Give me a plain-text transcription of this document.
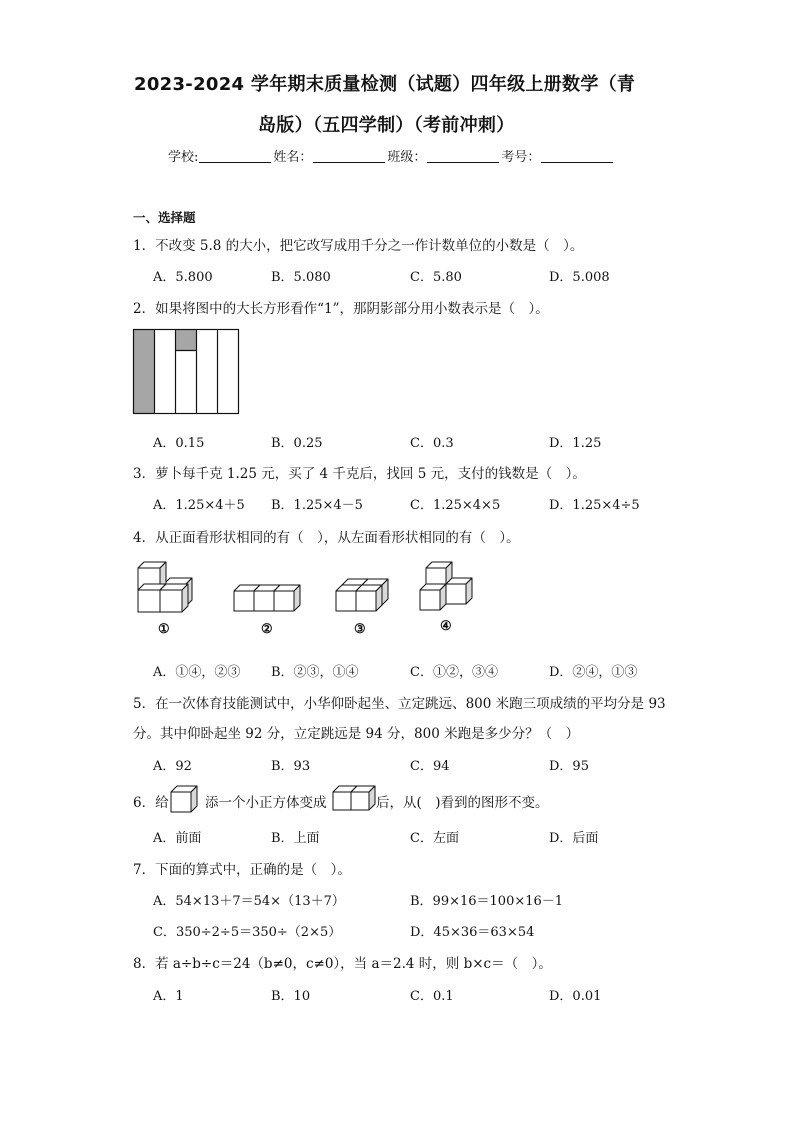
2023-2024 学年期末质量检测（试题）四年级上册数学（青
岛版）（五四学制）（考前冲刺）
学校:	姓名：	班级：	考号：
一、选择题
1．不改变 5.8 的大小，把它改写成用千分之一作计数单位的小数是（　）。
A．5.800	B．5.080	C．5.80	D．5.008
2．如果将图中的大长方形看作“1”，那阴影部分用小数表示是（　）。
A．0.15	B．0.25	C．0.3	D．1.25
3．萝卜每千克 1.25 元，买了 4 千克后，找回 5 元，支付的钱数是（　）。
A．1.25×4＋5 B．1.25×4－5	C．1.25×4×5	D．1.25×4÷5
4．从正面看形状相同的有（　），从左面看形状相同的有（　）。
①	②	③	④
A．①④，②③ B．②③，①④	C．①②，③④	D．②④，①③
5．在一次体育技能测试中，小华仰卧起坐、立定跳远、800 米跑三项成绩的平均分是 93
分。其中仰卧起坐 92 分，立定跳远是 94 分，800 米跑是多少分？（　）
A．92	B．93	C．94	D．95
6．给	添一个小正方体变成	后，从(　)看到的图形不变。
A．前面	B．上面	C．左面	D．后面
7．下面的算式中，正确的是（　）。
A．54×13＋7＝54×（13＋7）	B．99×16＝100×16－1
C．350÷2÷5＝350÷（2×5）	D．45×36＝63×54
8．若 a÷b÷c＝24（b≠0，c≠0），当 a＝2.4 时，则 b×c＝（　）。
A．1	B．10	C．0.1	D．0.01
